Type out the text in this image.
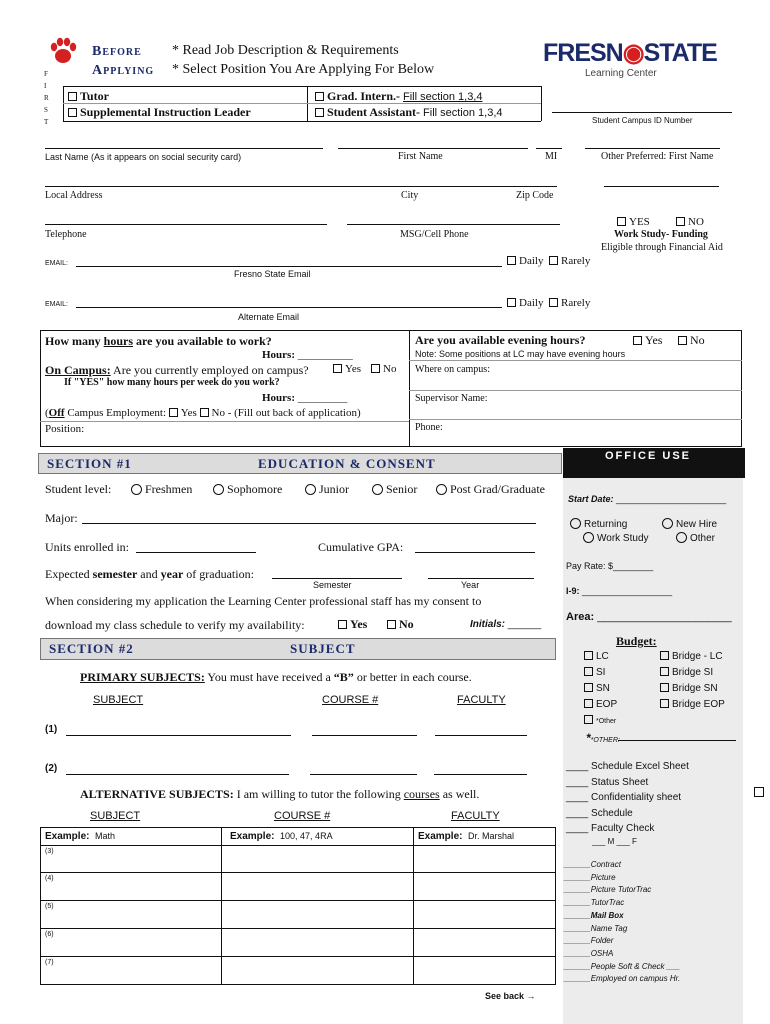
F
I
R
S
T
Before Applying
* Read Job Description & Requirements
* Select Position You Are Applying For Below
FRESN◉STATE
Learning Center
Tutor
Supplemental Instruction Leader
Grad. Intern.- Fill section 1,3,4
Student Assistant- Fill section 1,3,4
Student Campus ID Number
Last Name (As it appears on social security card)	First Name	MI	Other Preferred: First Name
Local Address	City	Zip Code
Telephone	MSG/Cell Phone
YES	NO
Work Study- Funding
Eligible through Financial Aid
EMAIL:	Daily	Rarely
Fresno State Email
EMAIL:	Daily	Rarely
Alternate Email
How many hours are you available to work?
Hours: __________
On Campus: Are you currently employed on campus?	Yes	No
If "YES" how many hours per week do you work?
Hours: _________
(Off Campus Employment: Yes No - (Fill out back of application)
Position:
Are you available evening hours?	Yes	No
Note: Some positions at LC may have evening hours
Where on campus:
Supervisor Name:
Phone:
OFFICE USE
Start Date: ______________________
Returning	New Hire
Work Study	Other
Pay Rate: $________
I-9: __________________
Area: ______________________
Budget:
LC
SI
SN
EOP
*Other
Bridge - LC
Bridge SI
Bridge SN
Bridge EOP
**OTHER:
____ Schedule Excel Sheet
____ Status Sheet
____ Confidentiality sheet
____ Schedule
____ Faculty Check
___ M ___ F
______Contract
______Picture
______Picture TutorTrac
______TutorTrac
______Mail Box
______Name Tag
______Folder
______OSHA
______People Soft & Check ___
______Employed on campus Hr.
SECTION #1	EDUCATION & CONSENT
Student level:	Freshmen	Sophomore	Junior	Senior	Post Grad/Graduate
Major:
Units enrolled in:	Cumulative GPA:
Expected semester and year of graduation:
Semester	Year
When considering my application the Learning Center professional staff has my consent to
download my class schedule to verify my availability:	Yes	No	Initials: ______
SECTION #2	SUBJECT
PRIMARY SUBJECTS: You must have received a “B” or better in each course.
SUBJECT	COURSE #	FACULTY
(1)
(2)
ALTERNATIVE SUBJECTS: I am willing to tutor the following courses as well.
SUBJECT	COURSE #	FACULTY
Example: Math	Example: 100, 47, 4RA	Example: Dr. Marshal
(3)
(4)
(5)
(6)
(7)
See back →
